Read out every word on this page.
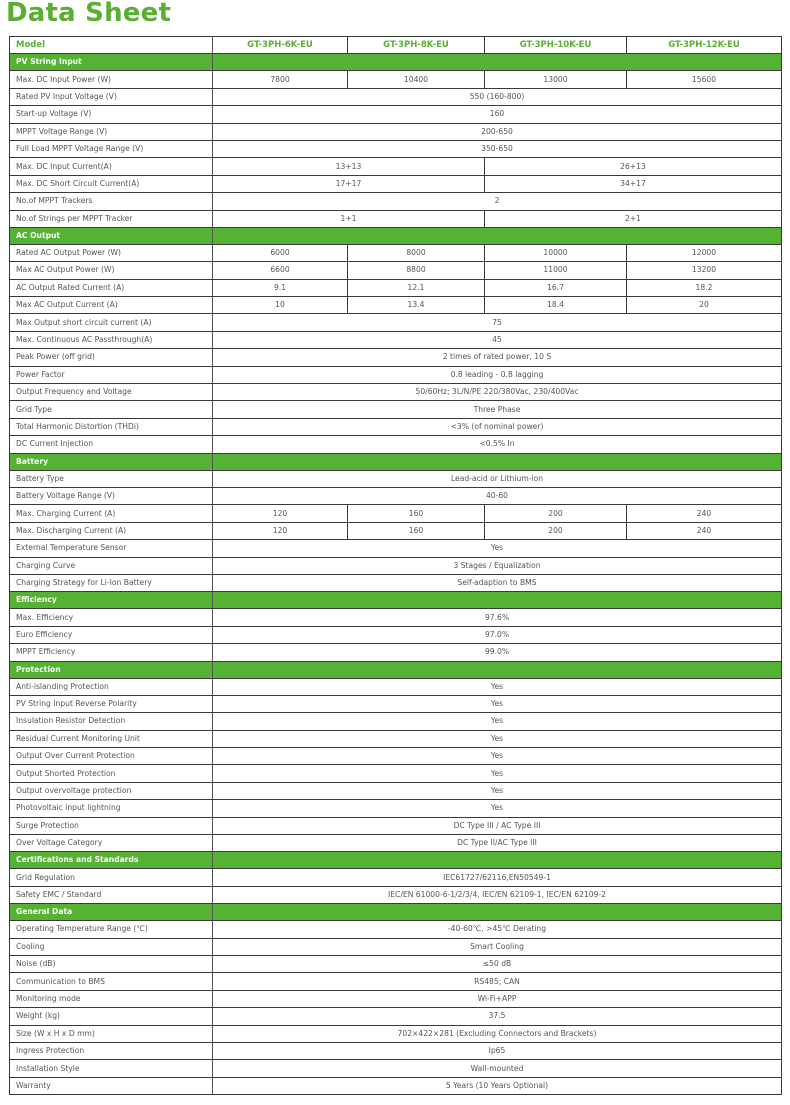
Data Sheet
Model	GT-3PH-6K-EU	GT-3PH-8K-EU	GT-3PH-10K-EU	GT-3PH-12K-EU
PV String Input				
Max. DC Input Power (W)	7800	10400	13000	15600
Rated PV Input Voltage (V)	550 (160-800)			
Start-up Voltage (V)	160			
MPPT Voltage Range (V)	200-650			
Full Load MPPT Voltage Range (V)	350-650			
Max. DC Input Current(A)	13+13		26+13	
Max. DC Short Circuit Current(A)	17+17		34+17	
No.of MPPT Trackers	2			
No.of Strings per MPPT Tracker	1+1		2+1	
AC Output				
Rated AC Output Power (W)	6000	8000	10000	12000
Max AC Output Power (W)	6600	8800	11000	13200
AC Output Rated Current (A)	9.1	12.1	16.7	18.2
Max AC Output Current (A)	10	13.4	18.4	20
Max Output short circuit current (A)	75			
Max. Continuous AC Passthrough(A)	45			
Peak Power (off grid)	2 times of rated power, 10 S			
Power Factor	0.8 leading - 0.8 lagging			
Output Frequency and Voltage	50/60Hz; 3L/N/PE 220/380Vac, 230/400Vac			
Grid Type	Three Phase			
Total Harmonic Distortion (THDi)	<3% (of nominal power)			
DC Current Injection	<0.5% In			
Battery				
Battery Type	Lead-acid or Lithium-ion			
Battery Voltage Range (V)	40-60			
Max. Charging Current (A)	120	160	200	240
Max. Discharging Current (A)	120	160	200	240
External Temperature Sensor	Yes			
Charging Curve	3 Stages / Equalization			
Charging Strategy for Li-Ion Battery	Self-adaption to BMS			
Efficiency				
Max. Efficiency	97.6%			
Euro Efficiency	97.0%			
MPPT Efficiency	99.0%			
Protection				
Anti-islanding Protection	Yes			
PV String Input Reverse Polarity	Yes			
Insulation Resistor Detection	Yes			
Residual Current Monitoring Unit	Yes			
Output Over Current Protection	Yes			
Output Shorted Protection	Yes			
Output overvoltage protection	Yes			
Photovoltaic input lightning	Yes			
Surge Protection	DC Type III / AC Type III			
Over Voltage Category	DC Type II/AC Type III			
Certifications and Standards				
Grid Regulation	IEC61727/62116,EN50549-1			
Safety EMC / Standard	IEC/EN 61000-6-1/2/3/4, IEC/EN 62109-1, IEC/EN 62109-2			
General Data				
Operating Temperature Range (℃)	-40-60℃, >45℃ Derating			
Cooling	Smart Cooling			
Noise (dB)	≤50 dB			
Communication to BMS	RS485; CAN			
Monitoring mode	Wi-Fi+APP			
Weight (kg)	37.5			
Size (W x H x D mm)	702×422×281 (Excluding Connectors and Brackets)			
Ingress Protection	Ip65			
Installation Style	Wall-mounted			
Warranty	5 Years (10 Years Optional)			
